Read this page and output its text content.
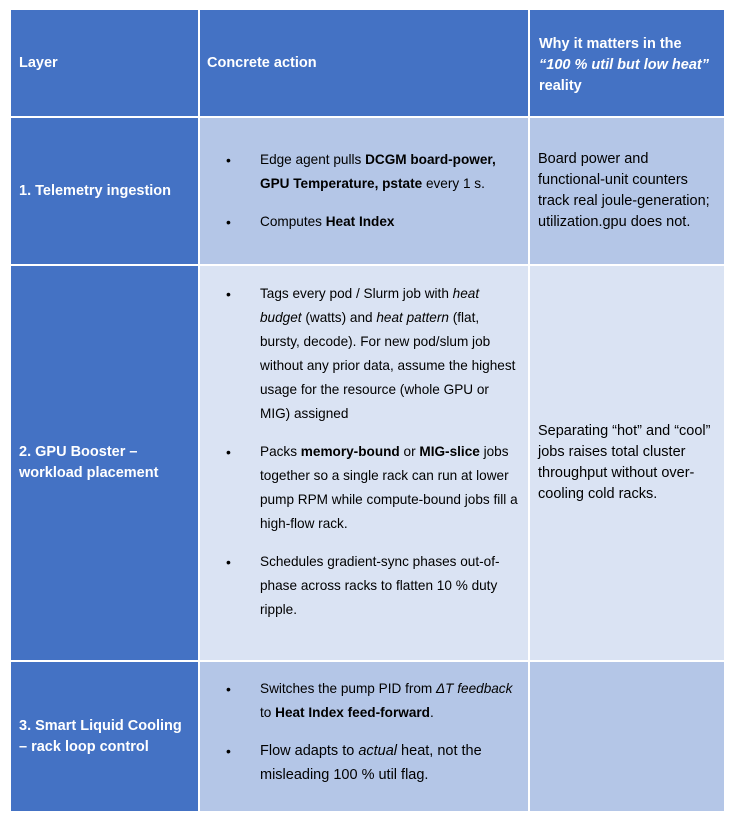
Layer	Concrete action
Why it matters in the “100 % util but low heat” reality
1. Telemetry ingestion
• Edge agent pulls DCGM board-power, GPU Temperature, pstate every 1 s.
• Computes Heat Index
Board power and functional-unit counters track real joule-generation; utilization.gpu does not.
2. GPU Booster – workload placement
• Tags every pod / Slurm job with heat budget (watts) and heat pattern (flat, bursty, decode). For new pod/slum job without any prior data, assume the highest usage for the resource (whole GPU or MIG) assigned
• Packs memory-bound or MIG-slice jobs together so a single rack can run at lower pump RPM while compute-bound jobs fill a high-flow rack.
• Schedules gradient-sync phases out-of-phase across racks to flatten 10 % duty ripple.
Separating “hot” and “cool” jobs raises total cluster throughput without over-cooling cold racks.
3. Smart Liquid Cooling – rack loop control
• Switches the pump PID from ΔT feedback to Heat Index feed-forward.
• Flow adapts to actual heat, not the misleading 100 % util flag.
